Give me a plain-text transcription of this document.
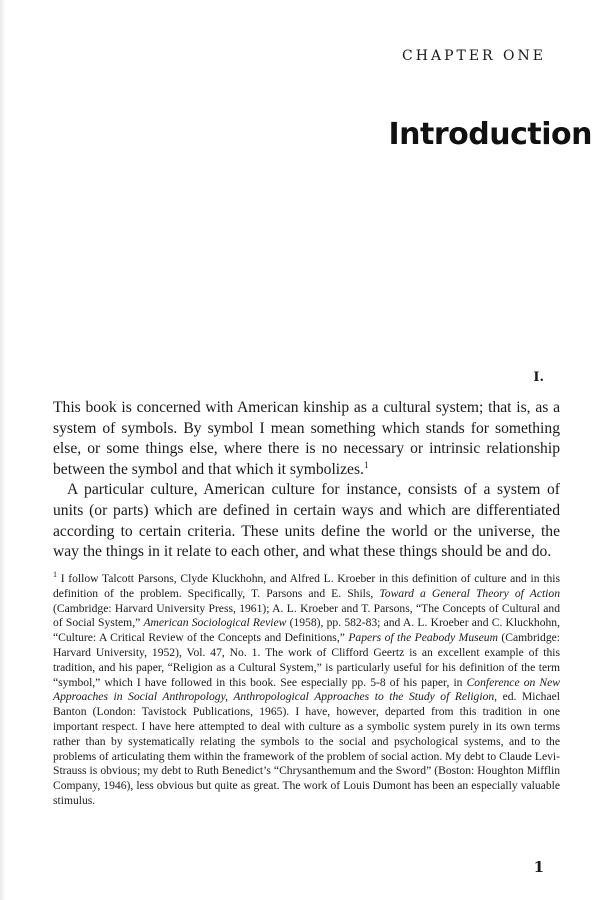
CHAPTER ONE
Introduction
I.

This book is concerned with American kinship as a cultural system; that is, as a system of symbols. By symbol I mean something which stands for something else, or some things else, where there is no necessary or intrinsic relationship between the symbol and that which it symbolizes.$^1$

A particular culture, American culture for instance, consists of a system of units (or parts) which are defined in certain ways and which are differentiated according to certain criteria. These units define the world or the universe, the way the things in it relate to each other, and what these things should be and do.

$^1$ I follow Talcott Parsons, Clyde Kluckhohn, and Alfred L. Kroeber in this definition of culture and in this definition of the problem. Specifically, T. Parsons and E. Shils, Toward a General Theory of Action (Cambridge: Harvard University Press, 1961); A. L. Kroeber and T. Parsons, “The Concepts of Cultural and of Social System,” American Sociological Review (1958), pp. 582-83; and A. L. Kroeber and C. Kluckhohn, “Culture: A Critical Review of the Concepts and Definitions,” Papers of the Peabody Museum (Cambridge: Harvard University, 1952), Vol. 47, No. 1. The work of Clifford Geertz is an excellent example of this tradition, and his paper, “Religion as a Cultural System,” is particularly useful for his definition of the term “symbol,” which I have followed in this book. See especially pp. 5-8 of his paper, in Conference on New Approaches in Social Anthropology, Anthropological Approaches to the Study of Religion, ed. Michael Banton (London: Tavistock Publications, 1965). I have, however, departed from this tradition in one important respect. I have here attempted to deal with culture as a symbolic system purely in its own terms rather than by systematically relating the symbols to the social and psychological systems, and to the problems of articulating them within the framework of the problem of social action. My debt to Claude Levi-Strauss is obvious; my debt to Ruth Benedict’s “Chrysanthemum and the Sword” (Boston: Houghton Mifflin Company, 1946), less obvious but quite as great. The work of Louis Dumont has been an especially valuable stimulus.
1
